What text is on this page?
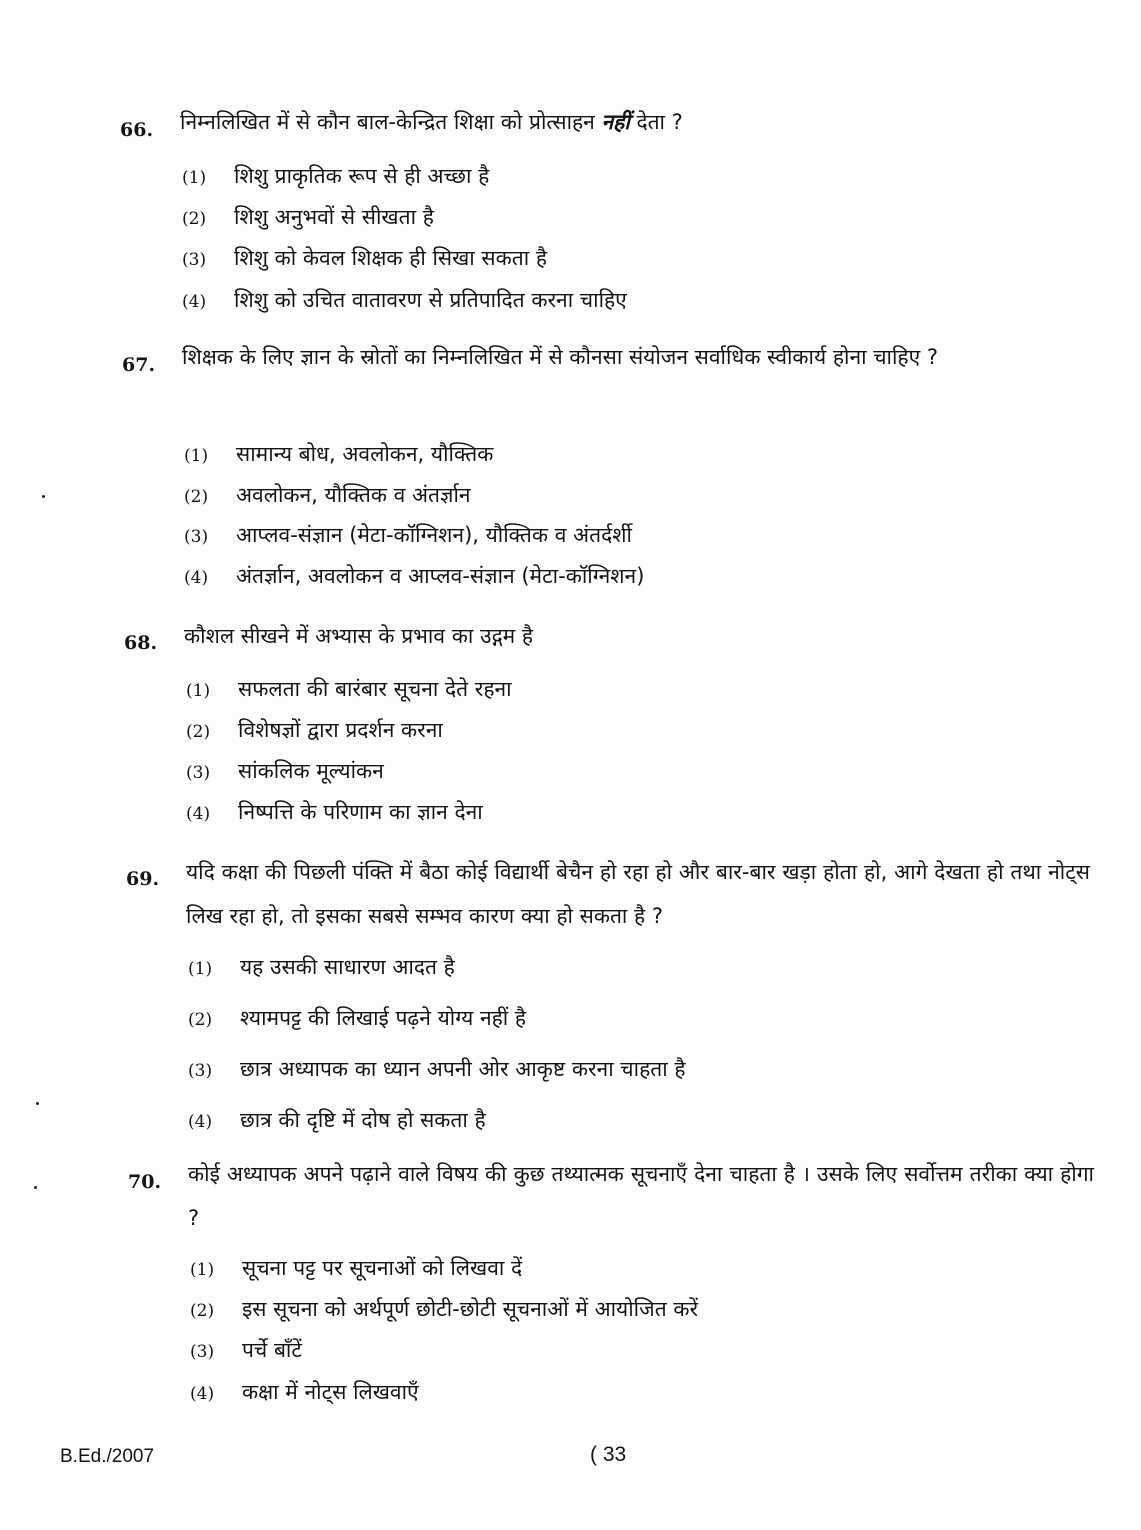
66. निम्नलिखित में से कौन बाल-केन्द्रित शिक्षा को प्रोत्साहन नहीं देता ?
(1) शिशु प्राकृतिक रूप से ही अच्छा है
(2) शिशु अनुभवों से सीखता है
(3) शिशु को केवल शिक्षक ही सिखा सकता है
(4) शिशु को उचित वातावरण से प्रतिपादित करना चाहिए
67. शिक्षक के लिए ज्ञान के स्रोतों का निम्नलिखित में से कौनसा संयोजन सर्वाधिक स्वीकार्य होना चाहिए ?
(1) सामान्य बोध, अवलोकन, यौक्तिक
(2) अवलोकन, यौक्तिक व अंतर्ज्ञान
(3) आप्लव-संज्ञान (मेटा-कॉग्निशन), यौक्तिक व अंतर्दर्शी
(4) अंतर्ज्ञान, अवलोकन व आप्लव-संज्ञान (मेटा-कॉग्निशन)
68. कौशल सीखने में अभ्यास के प्रभाव का उद्गम है
(1) सफलता की बारंबार सूचना देते रहना
(2) विशेषज्ञों द्वारा प्रदर्शन करना
(3) सांकलिक मूल्यांकन
(4) निष्पत्ति के परिणाम का ज्ञान देना
69. यदि कक्षा की पिछली पंक्ति में बैठा कोई विद्यार्थी बेचैन हो रहा हो और बार-बार खड़ा होता हो, आगे देखता हो तथा नोट्स लिख रहा हो, तो इसका सबसे सम्भव कारण क्या हो सकता है ?
(1) यह उसकी साधारण आदत है
(2) श्यामपट्ट की लिखाई पढ़ने योग्य नहीं है
(3) छात्र अध्यापक का ध्यान अपनी ओर आकृष्ट करना चाहता है
(4) छात्र की दृष्टि में दोष हो सकता है
70. कोई अध्यापक अपने पढ़ाने वाले विषय की कुछ तथ्यात्मक सूचनाएँ देना चाहता है । उसके लिए सर्वोत्तम तरीका क्या होगा ?
(1) सूचना पट्ट पर सूचनाओं को लिखवा दें
(2) इस सूचना को अर्थपूर्ण छोटी-छोटी सूचनाओं में आयोजित करें
(3) पर्चे बाँटें
(4) कक्षा में नोट्स लिखवाएँ
B.Ed./2007	( 33
